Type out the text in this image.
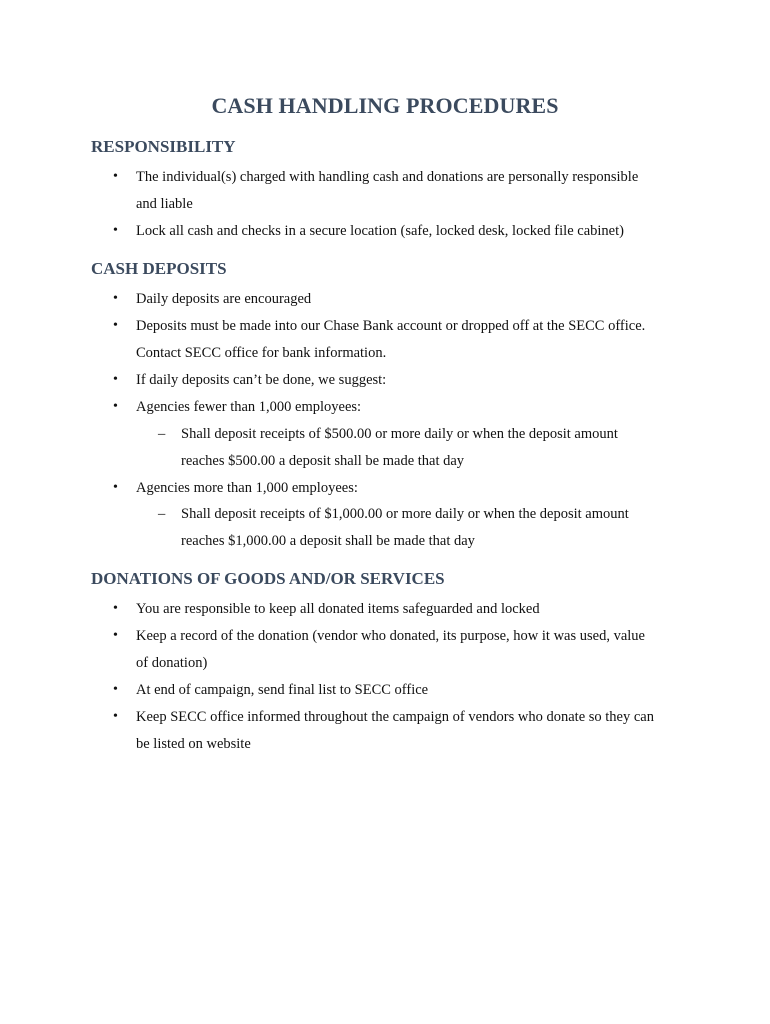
CASH HANDLING PROCEDURES
RESPONSIBILITY
• The individual(s) charged with handling cash and donations are personally responsible
and liable
• Lock all cash and checks in a secure location (safe, locked desk, locked file cabinet)
CASH DEPOSITS
• Daily deposits are encouraged
• Deposits must be made into our Chase Bank account or dropped off at the SECC office.
Contact SECC office for bank information.
• If daily deposits can’t be done, we suggest:
• Agencies fewer than 1,000 employees:
– Shall deposit receipts of $500.00 or more daily or when the deposit amount
reaches $500.00 a deposit shall be made that day
• Agencies more than 1,000 employees:
– Shall deposit receipts of $1,000.00 or more daily or when the deposit amount
reaches $1,000.00 a deposit shall be made that day
DONATIONS OF GOODS AND/OR SERVICES
• You are responsible to keep all donated items safeguarded and locked
• Keep a record of the donation (vendor who donated, its purpose, how it was used, value
of donation)
• At end of campaign, send final list to SECC office
• Keep SECC office informed throughout the campaign of vendors who donate so they can
be listed on website
